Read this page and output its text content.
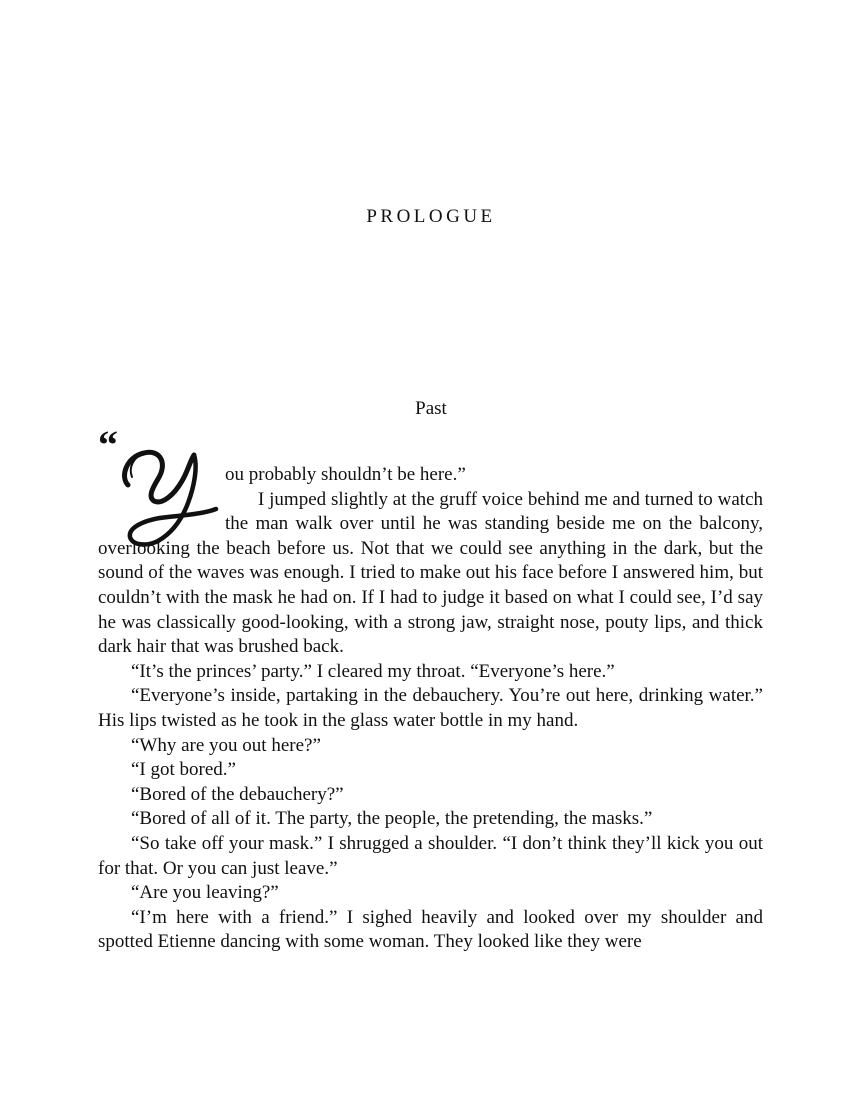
PROLOGUE
Past
“

ou probably shouldn’t be here.”

I jumped slightly at the gruff voice behind me and turned to watch the man walk over until he was standing beside me on the balcony, overlooking the beach before us. Not that we could see anything in the dark, but the sound of the waves was enough. I tried to make out his face before I answered him, but couldn’t with the mask he had on. If I had to judge it based on what I could see, I’d say he was classically good-looking, with a strong jaw, straight nose, pouty lips, and thick dark hair that was brushed back.

“It’s the princes’ party.” I cleared my throat. “Everyone’s here.”

“Everyone’s inside, partaking in the debauchery. You’re out here, drinking water.” His lips twisted as he took in the glass water bottle in my hand.

“Why are you out here?”

“I got bored.”

“Bored of the debauchery?”

“Bored of all of it. The party, the people, the pretending, the masks.”

“So take off your mask.” I shrugged a shoulder. “I don’t think they’ll kick you out for that. Or you can just leave.”

“Are you leaving?”

“I’m here with a friend.” I sighed heavily and looked over my shoulder and spotted Etienne dancing with some woman. They looked like they were
